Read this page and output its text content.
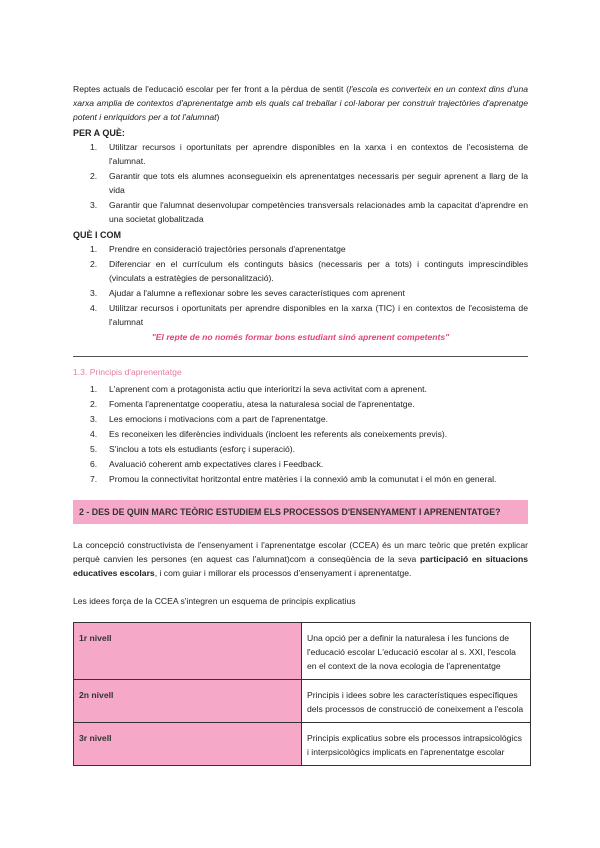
Reptes actuals de l'educació escolar per fer front a la pèrdua de sentit (l'escola es converteix en un context dins d'una xarxa amplia de contextos d'aprenentatge amb els quals cal treballar i col·laborar per construir trajectòries d'aprenatge potent i enriquidors per a tot l'alumnat)

PER A QUÈ:

1. Utilitzar recursos i oportunitats per aprendre disponibles en la xarxa i en contextos de l'ecosistema de l'alumnat.
2. Garantir que tots els alumnes aconsegueixin els aprenentatges necessaris per seguir aprenent a llarg de la vida
3. Garantir que l'alumnat desenvolupar competències transversals relacionades amb la capacitat d'aprendre en una societat globalitzada

QUÈ I COM

1. Prendre en consideració trajectòries personals d'aprenentatge
2. Diferenciar en el currículum els continguts bàsics (necessaris per a tots) i continguts imprescindibles (vinculats a estratègies de personalització).
3. Ajudar a l'alumne a reflexionar sobre les seves característiques com aprenent
4. Utilitzar recursos i oportunitats per aprendre disponibles en la xarxa (TIC) i en contextos de l'ecosistema de l'alumnat

"El repte de no només formar bons estudiant sinó aprenent competents"

1.3. Principis d'aprenentatge

1. L'aprenent com a protagonista actiu que interioritzi la seva activitat com a aprenent.
2. Fomenta l'aprenentatge cooperatiu, atesa la naturalesa social de l'aprenentatge.
3. Les emocions i motivacions com a part de l'aprenentatge.
4. Es reconeixen les diferències individuals (incloent les referents als coneixements previs).
5. S'inclou a tots els estudiants (esforç i superació).
6. Avaluació coherent amb expectatives clares i Feedback.
7. Promou la connectivitat horitzontal entre matèries i la connexió amb la comunutat i el món en general.
2 - DES DE QUIN MARC TEÒRIC ESTUDIEM ELS PROCESSOS D'ENSENYAMENT I APRENENTATGE?

La concepció constructivista de l'ensenyament i l'aprenentatge escolar (CCEA) és un marc teòric que pretén explicar perquè canvien les persones (en aquest cas l'alumnat)com a conseqüència de la seva participació en situacions educatives escolars, i com guiar i millorar els processos d'ensenyament i aprenentatge.

Les idees força de la CCEA s'integren un esquema de principis explicatius

1r nivell	Una opció per a definir la naturalesa i les funcions de l'educació escolar L'educació escolar al s. XXI, l'escola en el context de la nova ecologia de l'aprenentatge
2n nivell	Principis i idees sobre les característiques específiques dels processos de construcció de coneixement a l'escola
3r nivell	Principis explicatius sobre els processos intrapsicològics i interpsicològics implicats en l'aprenentatge escolar
